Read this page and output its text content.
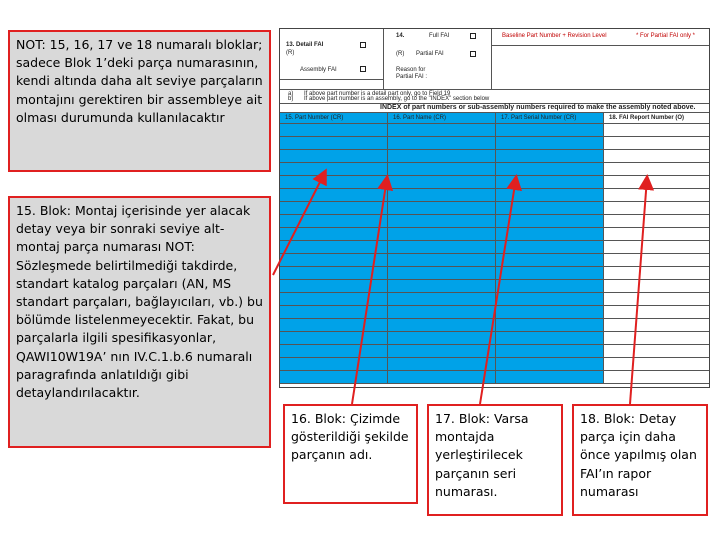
13. Detail FAI
(R)
Assembly FAI
14.	Full FAI
(R) Partial FAI
Reason for
Partial FAI :
Baseline Part Number + Revision Level	* For Partial FAI only *
a) If above part number is a detail part only, go to Field 19
b) If above part number is an assembly, go to the "INDEX" section below
INDEX of part numbers or sub-assembly numbers required to make the assembly noted above.
15. Part Number (CR)	16. Part Name (CR)	17. Part Serial Number (CR)	18. FAI Report Number (O)
NOT: 15, 16, 17 ve 18 numaralı bloklar; sadece Blok 1’deki parça numarasının, kendi altında daha alt seviye parçaların montajını gerektiren bir assembleye ait olması durumunda kullanılacaktır
15. Blok: Montaj içerisinde yer alacak detay veya bir sonraki seviye alt-montaj parça numarası NOT: Sözleşmede belirtilmediği takdirde, standart katalog parçaları (AN, MS standart parçaları, bağlayıcıları, vb.) bu bölümde listelenmeyecektir. Fakat, bu parçalarla ilgili spesifikasyonlar, QAWI10W19A’ nın IV.C.1.b.6 numaralı paragrafında anlatıldığı gibi detaylandırılacaktır.
16. Blok: Çizimde gösterildiği şekilde parçanın adı.
17. Blok: Varsa montajda yerleştirilecek parçanın seri numarası.
18. Blok: Detay parça için daha önce yapılmış olan FAI’ın rapor numarası
